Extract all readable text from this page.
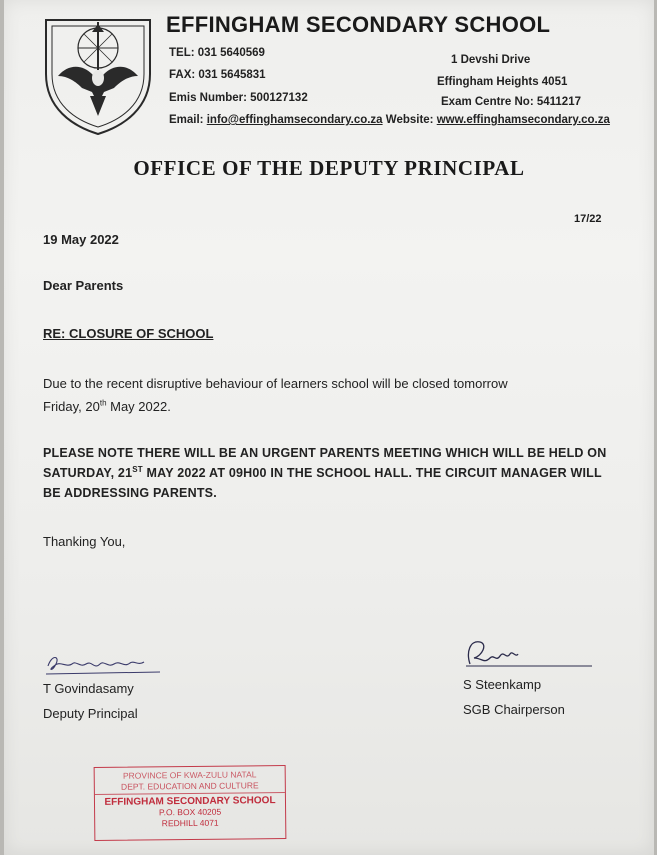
EFFINGHAM SECONDARY SCHOOL
TEL: 031 5640569
FAX: 031 5645831
Emis Number: 500127132
Email: info@effinghamsecondary.co.za Website: www.effinghamsecondary.co.za
1 Devshi Drive
Effingham Heights 4051
Exam Centre No: 5411217
OFFICE OF THE DEPUTY PRINCIPAL
17/22
19 May 2022
Dear Parents
RE: CLOSURE OF SCHOOL
Due to the recent disruptive behaviour of learners school will be closed tomorrow
Friday, 20th May 2022.
PLEASE NOTE THERE WILL BE AN URGENT PARENTS MEETING WHICH WILL BE HELD ON
SATURDAY, 21ST MAY 2022 AT 09H00 IN THE SCHOOL HALL. THE CIRCUIT MANAGER WILL
BE ADDRESSING PARENTS.
Thanking You,
T Govindasamy
Deputy Principal
S Steenkamp
SGB Chairperson
PROVINCE OF KWA-ZULU NATAL
DEPT. EDUCATION AND CULTURE
EFFINGHAM SECONDARY SCHOOL
P.O. BOX 40205
REDHILL 4071
